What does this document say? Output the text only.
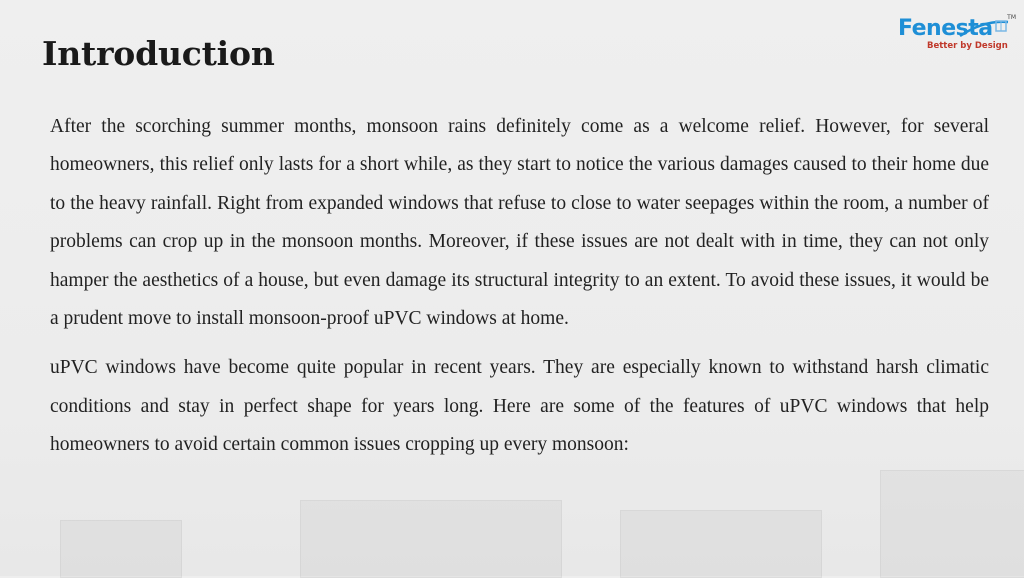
Introduction
Fenesta TM
Better by Design

After the scorching summer months, monsoon rains definitely come as a welcome relief. However, for several homeowners, this relief only lasts for a short while, as they start to notice the various damages caused to their home due to the heavy rainfall. Right from expanded windows that refuse to close to water seepages within the room, a number of problems can crop up in the monsoon months. Moreover, if these issues are not dealt with in time, they can not only hamper the aesthetics of a house, but even damage its structural integrity to an extent. To avoid these issues, it would be a prudent move to install monsoon-proof uPVC windows at home.

uPVC windows have become quite popular in recent years. They are especially known to withstand harsh climatic conditions and stay in perfect shape for years long. Here are some of the features of uPVC windows that help homeowners to avoid certain common issues cropping up every monsoon:
